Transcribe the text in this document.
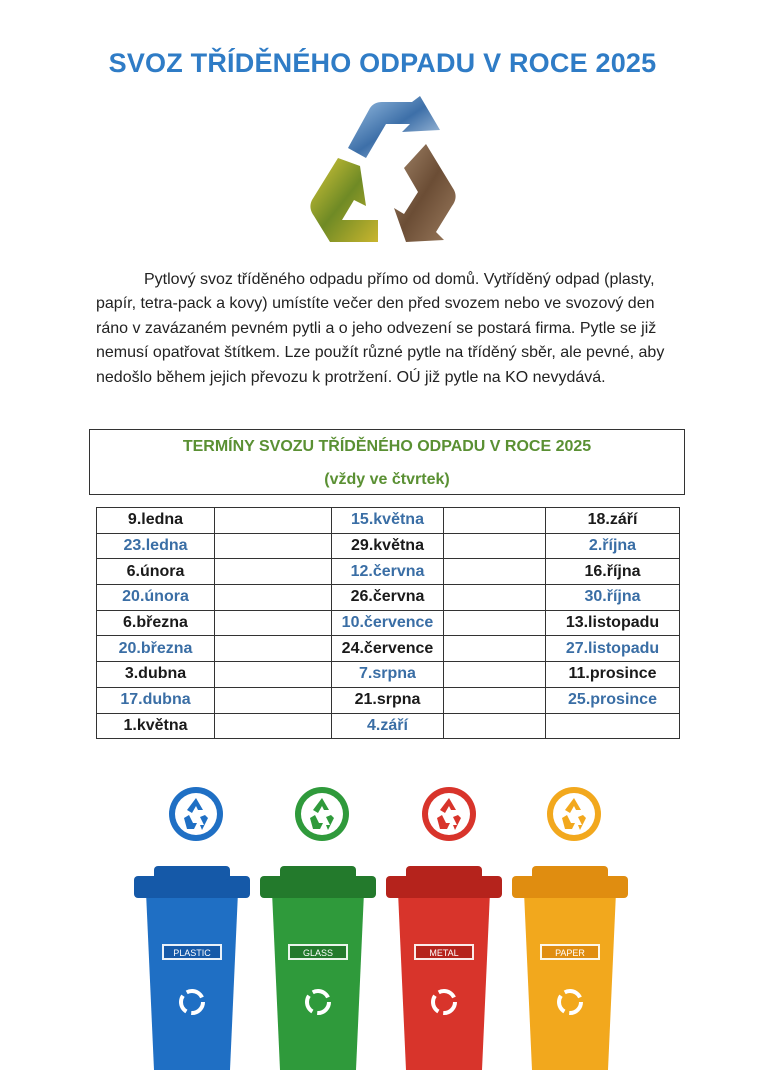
SVOZ TŘÍDĚNÉHO ODPADU V ROCE 2025
Pytlový svoz tříděného odpadu přímo od domů. Vytříděný odpad (plasty, papír, tetra-pack a kovy) umístíte večer den před svozem nebo ve svozový den ráno v zavázaném pevném pytli a o jeho odvezení se postará firma. Pytle se již nemusí opatřovat štítkem. Lze použít různé pytle na tříděný sběr, ale pevné, aby nedošlo během jejich převozu k protržení. OÚ již pytle na KO nevydává.
TERMÍNY SVOZU TŘÍDĚNÉHO ODPADU V ROCE 2025
(vždy ve čtvrtek)
9.ledna		15.května		18.září
23.ledna		29.května		2.října
6.února		12.června		16.října
20.února		26.června		30.října
6.března		10.července		13.listopadu
20.března		24.července		27.listopadu
3.dubna		7.srpna		11.prosince
17.dubna		21.srpna		25.prosince
1.května		4.září		
PLASTIC	GLASS	METAL	PAPER
